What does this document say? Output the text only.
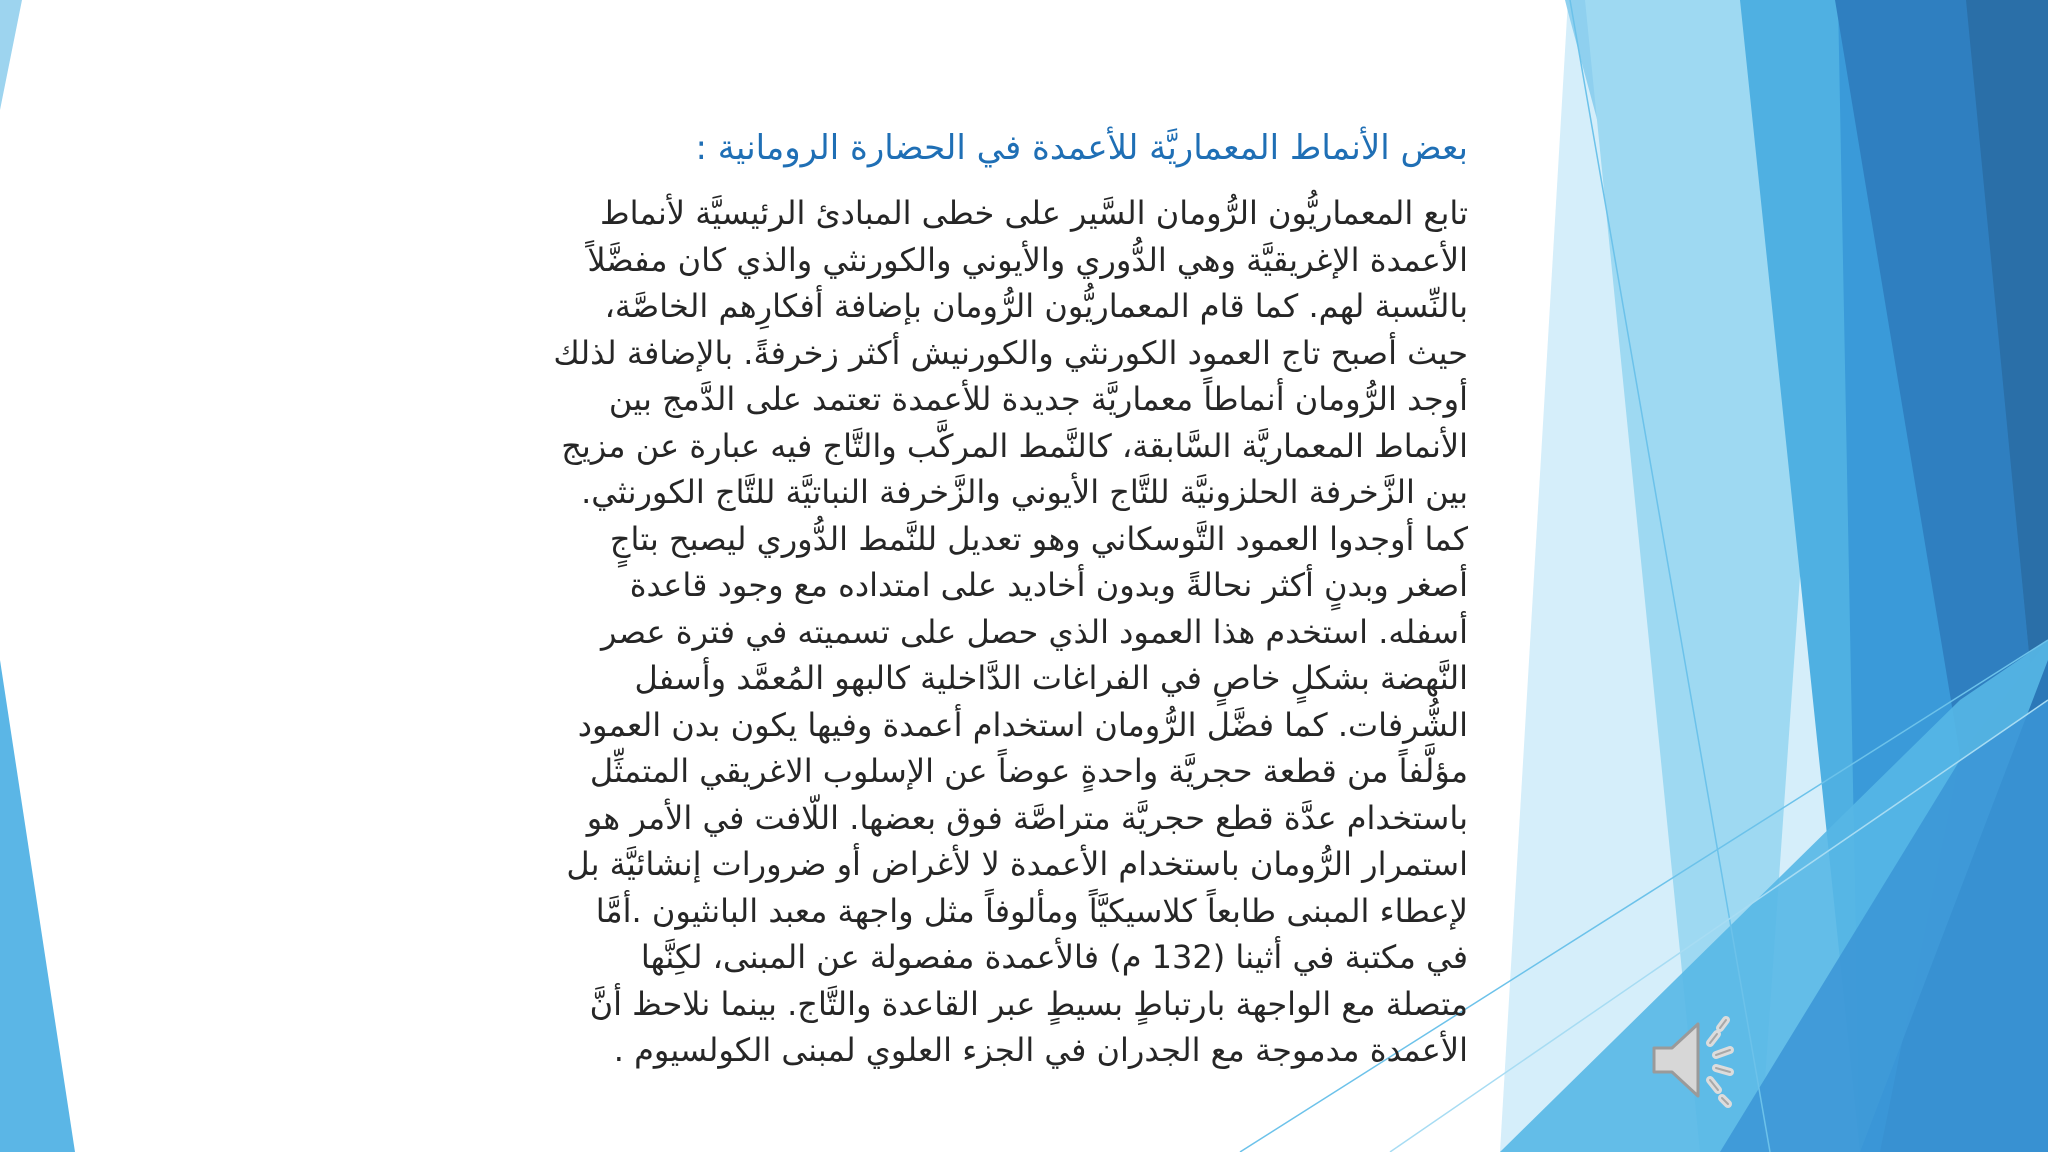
بعض الأنماط المعماريَّة للأعمدة في الحضارة الرومانية :
تابع المعماريُّون الرُّومان السَّير على خطى المبادئ الرئيسيَّة لأنماط
الأعمدة الإغريقيَّة وهي الدُّوري والأيوني والكورنثي والذي كان مفضَّلاً
بالنِّسبة لهم. كما قام المعماريُّون الرُّومان بإضافة أفكارِهم الخاصَّة،
حيث أصبح تاج العمود الكورنثي والكورنيش أكثر زخرفةً. بالإضافة لذلك
أوجد الرُّومان أنماطاً معماريَّة جديدة للأعمدة تعتمد على الدَّمج بين
الأنماط المعماريَّة السَّابقة، كالنَّمط المركَّب والتَّاج فيه عبارة عن مزيج
بين الزَّخرفة الحلزونيَّة للتَّاج الأيوني والزَّخرفة النباتيَّة للتَّاج الكورنثي.
كما أوجدوا العمود التَّوسكاني وهو تعديل للنَّمط الدُّوري ليصبح بتاجٍ
أصغر وبدنٍ أكثر نحالةً وبدون أخاديد على امتداده مع وجود قاعدة
أسفله. استخدم هذا العمود الذي حصل على تسميته في فترة عصر
النَّهضة بشكلٍ خاصٍ في الفراغات الدَّاخلية كالبهو المُعمَّد وأسفل
الشُّرفات. كما فضَّل الرُّومان استخدام أعمدة وفيها يكون بدن العمود
مؤلَّفاً من قطعة حجريَّة واحدةٍ عوضاً عن الإسلوب الاغريقي المتمثِّل
باستخدام عدَّة قطع حجريَّة متراصَّة فوق بعضها. اللّافت في الأمر هو
استمرار الرُّومان باستخدام الأعمدة لا لأغراض أو ضرورات إنشائيَّة بل
لإعطاء المبنى طابعاً كلاسيكيَّاً ومألوفاً مثل واجهة معبد البانثيون .أمَّا
في مكتبة في أثينا (132 م) فالأعمدة مفصولة عن المبنى، لكِنَّها
متصلة مع الواجهة بارتباطٍ بسيطٍ عبر القاعدة والتَّاج. بينما نلاحظ أنَّ
الأعمدة مدموجة مع الجدران في الجزء العلوي لمبنى الكولسيوم .
